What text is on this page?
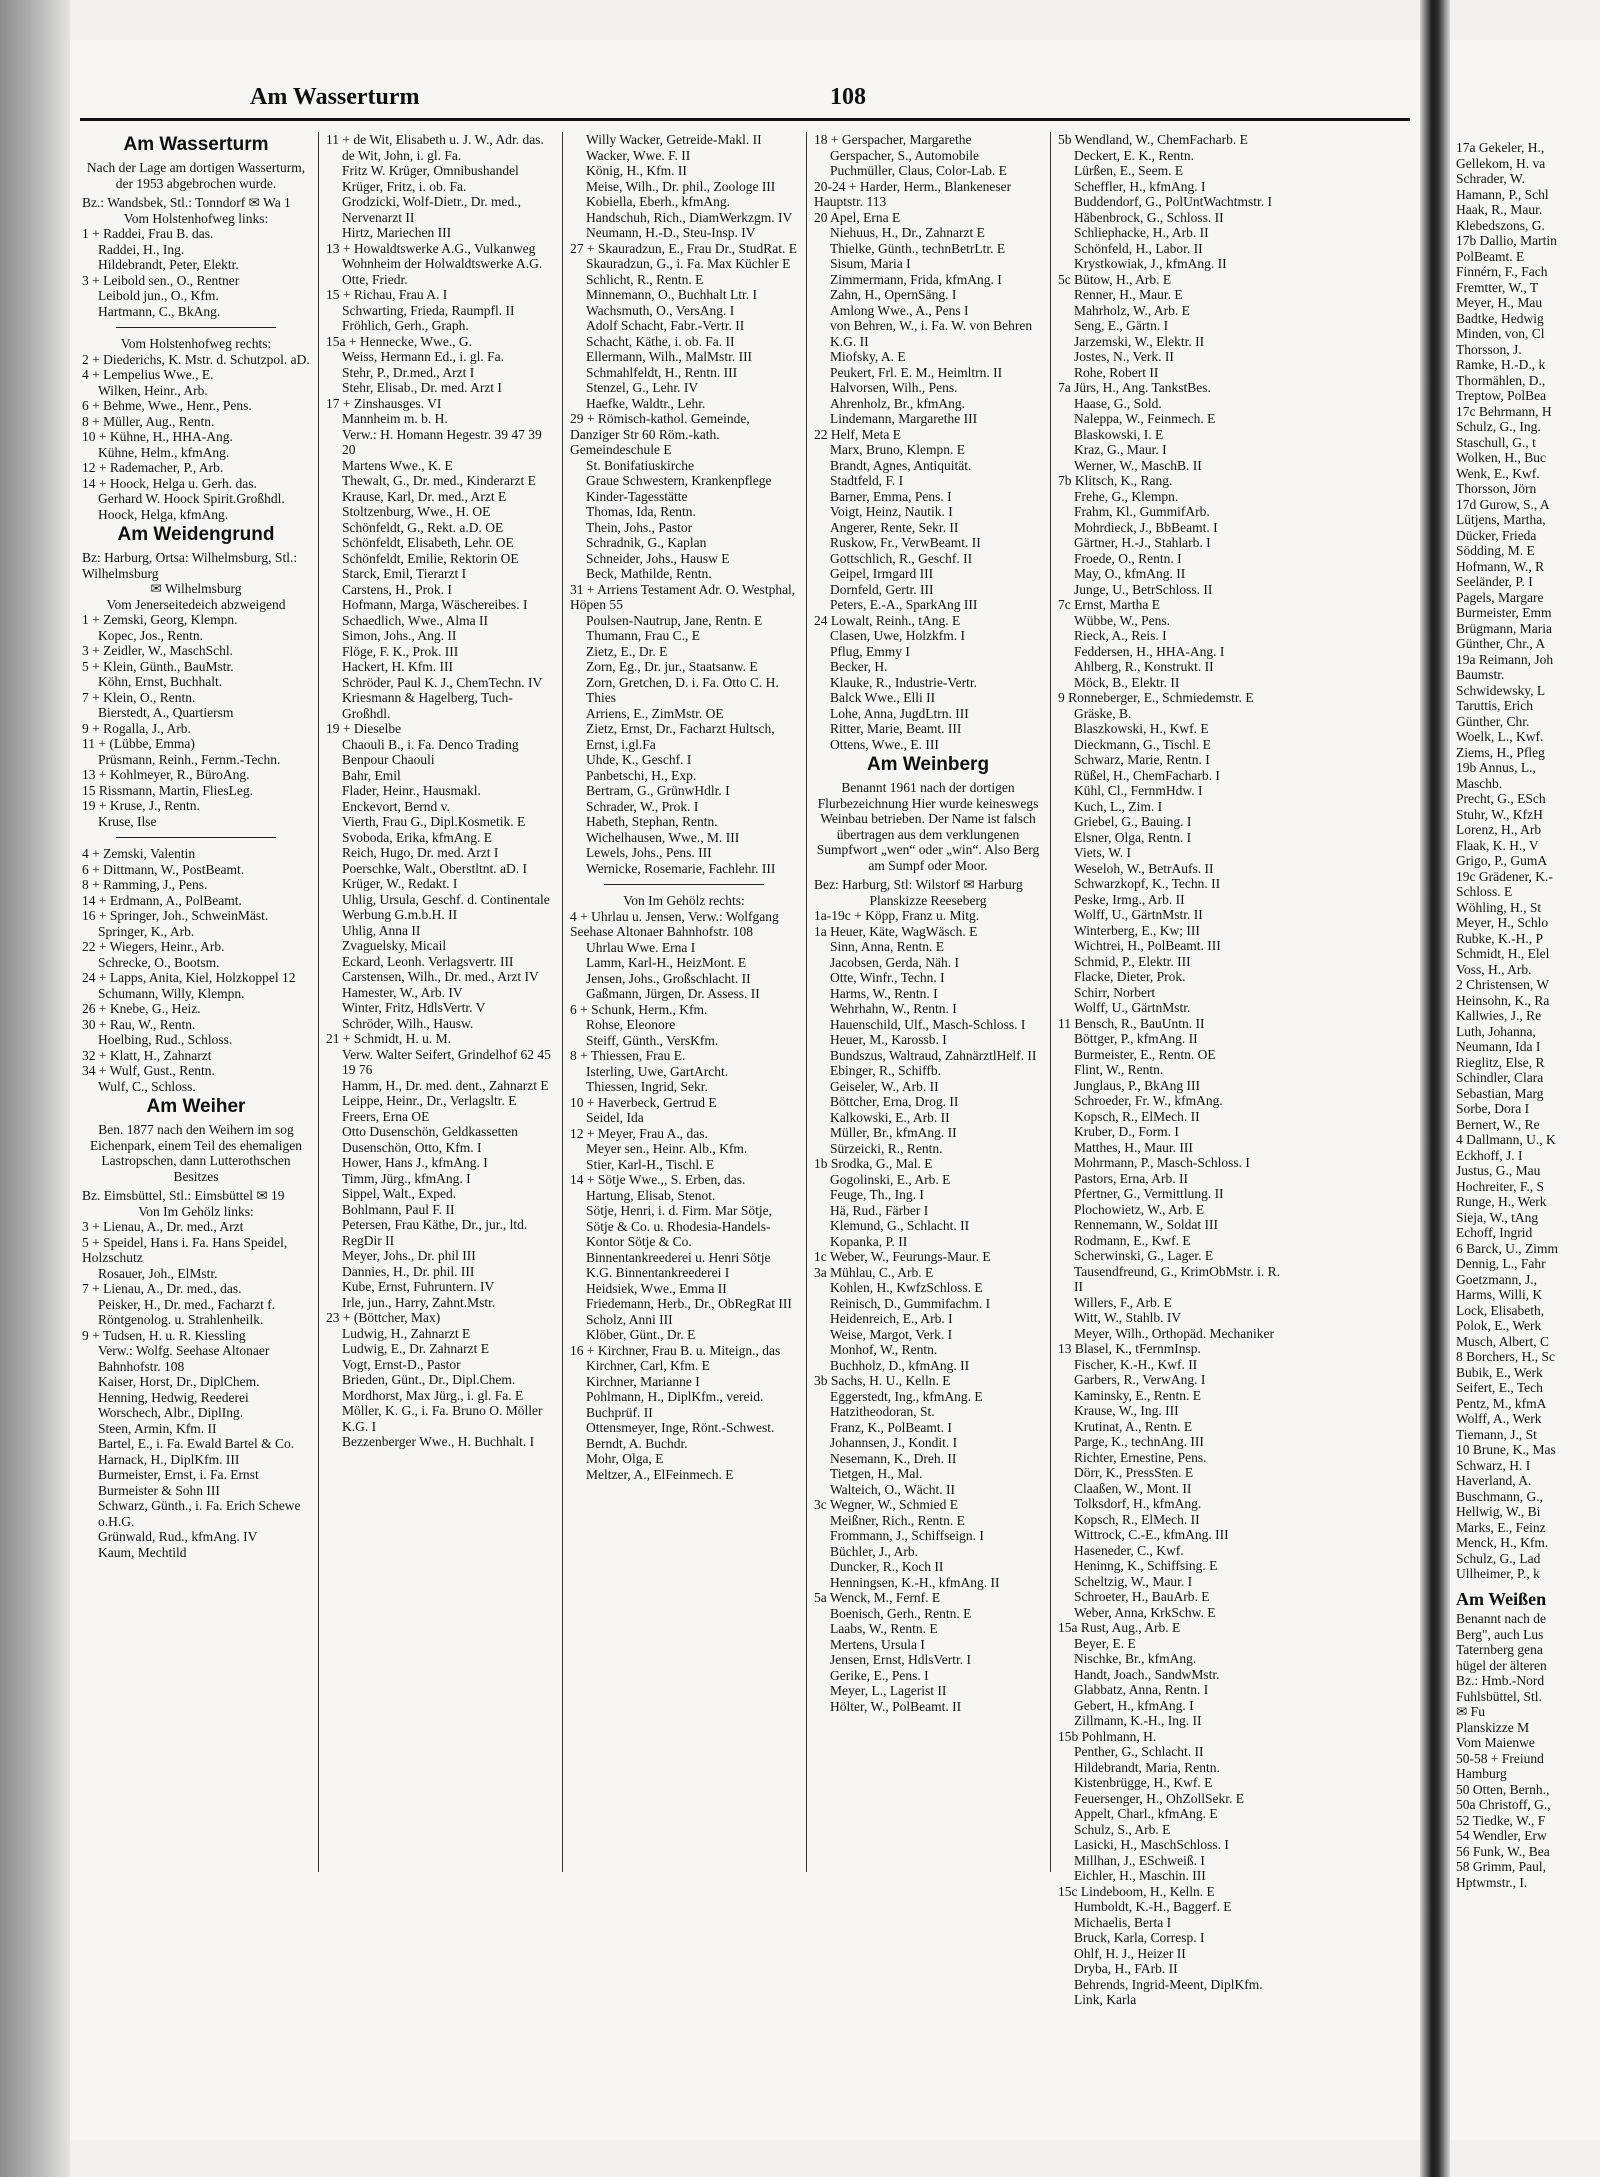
Am Wasserturm	108
Am Wasserturm
Nach der Lage am dortigen Wasserturm, der 1953 abgebrochen wurde.
Bz.: Wandsbek, Stl.: Tonndorf ✉ Wa 1
Vom Holstenhofweg links:
1 + Raddei, Frau B. das.
Raddei, H., Ing.
Hildebrandt, Peter, Elektr.
3 + Leibold sen., O., Rentner
Leibold jun., O., Kfm.
Hartmann, C., BkAng.
Vom Holstenhofweg rechts:
2 + Diederichs, K. Mstr. d. Schutzpol. aD.
4 + Lempelius Wwe., E.
Wilken, Heinr., Arb.
6 + Behme, Wwe., Henr., Pens.
8 + Müller, Aug., Rentn.
10 + Kühne, H., HHA-Ang.
Kühne, Helm., kfmAng.
12 + Rademacher, P., Arb.
14 + Hoock, Helga u. Gerh. das.
Gerhard W. Hoock Spirit.Großhdl.
Hoock, Helga, kfmAng.
Am Weidengrund
Bz: Harburg, Ortsa: Wilhelmsburg, Stl.: Wilhelmsburg
✉ Wilhelmsburg
Vom Jenerseitedeich abzweigend
1 + Zemski, Georg, Klempn.
Kopec, Jos., Rentn.
3 + Zeidler, W., MaschSchl.
5 + Klein, Günth., BauMstr.
Köhn, Ernst, Buchhalt.
7 + Klein, O., Rentn.
Bierstedt, A., Quartiersm
9 + Rogalla, J., Arb.
11 + (Lübbe, Emma)
Prüsmann, Reinh., Fernm.-Techn.
13 + Kohlmeyer, R., BüroAng.
15 Rissmann, Martin, FliesLeg.
19 + Kruse, J., Rentn.
Kruse, Ilse
4 + Zemski, Valentin
6 + Dittmann, W., PostBeamt.
8 + Ramming, J., Pens.
14 + Erdmann, A., PolBeamt.
16 + Springer, Joh., SchweinMäst.
Springer, K., Arb.
22 + Wiegers, Heinr., Arb.
Schrecke, O., Bootsm.
24 + Lapps, Anita, Kiel, Holzkoppel 12
Schumann, Willy, Klempn.
26 + Knebe, G., Heiz.
30 + Rau, W., Rentn.
Hoelbing, Rud., Schloss.
32 + Klatt, H., Zahnarzt
34 + Wulf, Gust., Rentn.
Wulf, C., Schloss.
Am Weiher
Ben. 1877 nach den Weihern im sog Eichenpark, einem Teil des ehemaligen Lastropschen, dann Lutterothschen Besitzes
Bz. Eimsbüttel, Stl.: Eimsbüttel ✉ 19
Von Im Gehölz links:
3 + Lienau, A., Dr. med., Arzt
5 + Speidel, Hans i. Fa. Hans Speidel, Holzschutz
Rosauer, Joh., ElMstr.
7 + Lienau, A., Dr. med., das.
Peisker, H., Dr. med., Facharzt f. Röntgenolog. u. Strahlenheilk.
9 + Tudsen, H. u. R. Kiessling
Verw.: Wolfg. Seehase Altonaer Bahnhofstr. 108
Kaiser, Horst, Dr., DiplChem.
Henning, Hedwig, Reederei
Worschech, Albr., DiplIng.
Steen, Armin, Kfm. II
Bartel, E., i. Fa. Ewald Bartel & Co.
Harnack, H., DiplKfm. III
Burmeister, Ernst, i. Fa. Ernst Burmeister & Sohn III
Schwarz, Günth., i. Fa. Erich Schewe o.H.G.
Grünwald, Rud., kfmAng. IV
Kaum, Mechtild
11 + de Wit, Elisabeth u. J. W., Adr. das.
de Wit, John, i. gl. Fa.
Fritz W. Krüger, Omnibushandel
Krüger, Fritz, i. ob. Fa.
Grodzicki, Wolf-Dietr., Dr. med., Nervenarzt II
Hirtz, Mariechen III
13 + Howaldtswerke A.G., Vulkanweg
Wohnheim der Holwaldtswerke A.G.
Otte, Friedr.
15 + Richau, Frau A. I
Schwarting, Frieda, Raumpfl. II
Fröhlich, Gerh., Graph.
15a + Hennecke, Wwe., G.
Weiss, Hermann Ed., i. gl. Fa.
Stehr, P., Dr.med., Arzt I
Stehr, Elisab., Dr. med. Arzt I
17 + Zinshausges. VI
Mannheim m. b. H.
Verw.: H. Homann Hegestr. 39 47 39 20
Martens Wwe., K. E
Thewalt, G., Dr. med., Kinderarzt E
Krause, Karl, Dr. med., Arzt E
Stoltzenburg, Wwe., H. OE
Schönfeldt, G., Rekt. a.D. OE
Schönfeldt, Elisabeth, Lehr. OE
Schönfeldt, Emilie, Rektorin OE
Starck, Emil, Tierarzt I
Carstens, H., Prok. I
Hofmann, Marga, Wäschereibes. I
Schaedlich, Wwe., Alma II
Simon, Johs., Ang. II
Flöge, F. K., Prok. III
Hackert, H. Kfm. III
Schröder, Paul K. J., ChemTechn. IV
Kriesmann & Hagelberg, Tuch-Großhdl.
19 + Dieselbe
Chaouli B., i. Fa. Denco Trading Benpour Chaouli
Bahr, Emil
Flader, Heinr., Hausmakl.
Enckevort, Bernd v.
Vierth, Frau G., Dipl.Kosmetik. E
Svoboda, Erika, kfmAng. E
Reich, Hugo, Dr. med. Arzt I
Poerschke, Walt., Oberstltnt. aD. I
Krüger, W., Redakt. I
Uhlig, Ursula, Geschf. d. Continentale Werbung G.m.b.H. II
Uhlig, Anna II
Zvaguelsky, Micail
Eckard, Leonh. Verlagsvertr. III
Carstensen, Wilh., Dr. med., Arzt IV
Hamester, W., Arb. IV
Winter, Fritz, HdlsVertr. V
Schröder, Wilh., Hausw.
21 + Schmidt, H. u. M.
Verw. Walter Seifert, Grindelhof 62 45 19 76
Hamm, H., Dr. med. dent., Zahnarzt E
Leippe, Heinr., Dr., Verlagsltr. E
Freers, Erna OE
Otto Dusenschön, Geldkassetten
Dusenschön, Otto, Kfm. I
Hower, Hans J., kfmAng. I
Timm, Jürg., kfmAng. I
Sippel, Walt., Exped.
Bohlmann, Paul F. II
Petersen, Frau Käthe, Dr., jur., ltd. RegDir II
Meyer, Johs., Dr. phil III
Dannies, H., Dr. phil. III
Kube, Ernst, Fuhruntern. IV
Irle, jun., Harry, Zahnt.Mstr.
23 + (Böttcher, Max)
Ludwig, H., Zahnarzt E
Ludwig, E., Dr. Zahnarzt E
Vogt, Ernst-D., Pastor
Brieden, Günt., Dr., Dipl.Chem.
Mordhorst, Max Jürg., i. gl. Fa. E
Möller, K. G., i. Fa. Bruno O. Möller K.G. I
Bezzenberger Wwe., H. Buchhalt. I
Willy Wacker, Getreide-Makl. II
Wacker, Wwe. F. II
König, H., Kfm. II
Meise, Wilh., Dr. phil., Zoologe III
Kobiella, Eberh., kfmAng.
Handschuh, Rich., DiamWerkzgm. IV
Neumann, H.-D., Steu-Insp. IV
27 + Skauradzun, E., Frau Dr., StudRat. E
Skauradzun, G., i. Fa. Max Küchler E
Schlicht, R., Rentn. E
Minnemann, O., Buchhalt Ltr. I
Wachsmuth, O., VersAng. I
Adolf Schacht, Fabr.-Vertr. II
Schacht, Käthe, i. ob. Fa. II
Ellermann, Wilh., MalMstr. III
Schmahlfeldt, H., Rentn. III
Stenzel, G., Lehr. IV
Haefke, Waldtr., Lehr.
29 + Römisch-kathol. Gemeinde, Danziger Str 60 Röm.-kath. Gemeindeschule E
St. Bonifatiuskirche
Graue Schwestern, Krankenpflege
Kinder-Tagesstätte
Thomas, Ida, Rentn.
Thein, Johs., Pastor
Schradnik, G., Kaplan
Schneider, Johs., Hausw E
Beck, Mathilde, Rentn.
31 + Arriens Testament Adr. O. Westphal, Höpen 55
Poulsen-Nautrup, Jane, Rentn. E
Thumann, Frau C., E
Zietz, E., Dr. E
Zorn, Eg., Dr. jur., Staatsanw. E
Zorn, Gretchen, D. i. Fa. Otto C. H. Thies
Arriens, E., ZimMstr. OE
Zietz, Ernst, Dr., Facharzt Hultsch, Ernst, i.gl.Fa
Uhde, K., Geschf. I
Panbetschi, H., Exp.
Bertram, G., GrünwHdlr. I
Schrader, W., Prok. I
Habeth, Stephan, Rentn.
Wichelhausen, Wwe., M. III
Lewels, Johs., Pens. III
Wernicke, Rosemarie, Fachlehr. III
Von Im Gehölz rechts:
4 + Uhrlau u. Jensen, Verw.: Wolfgang Seehase Altonaer Bahnhofstr. 108
Uhrlau Wwe. Erna I
Lamm, Karl-H., HeizMont. E
Jensen, Johs., Großschlacht. II
Gaßmann, Jürgen, Dr. Assess. II
6 + Schunk, Herm., Kfm.
Rohse, Eleonore
Steiff, Günth., VersKfm.
8 + Thiessen, Frau E.
Isterling, Uwe, GartArcht.
Thiessen, Ingrid, Sekr.
10 + Haverbeck, Gertrud E
Seidel, Ida
12 + Meyer, Frau A., das.
Meyer sen., Heinr. Alb., Kfm.
Stier, Karl-H., Tischl. E
14 + Sötje Wwe.,, S. Erben, das.
Hartung, Elisab, Stenot.
Sötje, Henri, i. d. Firm. Mar Sötje, Sötje & Co. u. Rhodesia-Handels-Kontor Sötje & Co.
Binnentankreederei u. Henri Sötje K.G. Binnentankreederei I
Heidsiek, Wwe., Emma II
Friedemann, Herb., Dr., ObRegRat III
Scholz, Anni III
Klöber, Günt., Dr. E
16 + Kirchner, Frau B. u. Miteign., das
Kirchner, Carl, Kfm. E
Kirchner, Marianne I
Pohlmann, H., DiplKfm., vereid. Buchprüf. II
Ottensmeyer, Inge, Rönt.-Schwest.
Berndt, A. Buchdr.
Mohr, Olga, E
Meltzer, A., ElFeinmech. E
18 + Gerspacher, Margarethe
Gerspacher, S., Automobile
Puchmüller, Claus, Color-Lab. E
20-24 + Harder, Herm., Blankeneser Hauptstr. 113
20 Apel, Erna E
Niehuus, H., Dr., Zahnarzt E
Thielke, Günth., technBetrLtr. E
Sisum, Maria I
Zimmermann, Frida, kfmAng. I
Zahn, H., OpernSäng. I
Amlong Wwe., A., Pens I
von Behren, W., i. Fa. W. von Behren K.G. II
Miofsky, A. E
Peukert, Frl. E. M., Heimltrn. II
Halvorsen, Wilh., Pens.
Ahrenholz, Br., kfmAng.
Lindemann, Margarethe III
22 Helf, Meta E
Marx, Bruno, Klempn. E
Brandt, Agnes, Antiquität.
Stadtfeld, F. I
Barner, Emma, Pens. I
Voigt, Heinz, Nautik. I
Angerer, Rente, Sekr. II
Ruskow, Fr., VerwBeamt. II
Gottschlich, R., Geschf. II
Geipel, Irmgard III
Dornfeld, Gertr. III
Peters, E.-A., SparkAng III
24 Lowalt, Reinh., tAng. E
Clasen, Uwe, Holzkfm. I
Pflug, Emmy I
Becker, H.
Klauke, R., Industrie-Vertr.
Balck Wwe., Elli II
Lohe, Anna, JugdLtrn. III
Ritter, Marie, Beamt. III
Ottens, Wwe., E. III
Am Weinberg
Benannt 1961 nach der dortigen Flurbezeichnung Hier wurde keineswegs Weinbau betrieben. Der Name ist falsch übertragen aus dem verklungenen Sumpfwort „wen“ oder „win“. Also Berg am Sumpf oder Moor.
Bez: Harburg, Stl: Wilstorf ✉ Harburg
Planskizze Reeseberg
1a-19c + Köpp, Franz u. Mitg.
1a Heuer, Käte, WagWäsch. E
Sinn, Anna, Rentn. E
Jacobsen, Gerda, Näh. I
Otte, Winfr., Techn. I
Harms, W., Rentn. I
Wehrhahn, W., Rentn. I
Hauenschild, Ulf., Masch-Schloss. I
Heuer, M., Karossb. I
Bundszus, Waltraud, ZahnärztlHelf. II
Ebinger, R., Schiffb.
Geiseler, W., Arb. II
Böttcher, Erna, Drog. II
Kalkowski, E., Arb. II
Müller, Br., kfmAng. II
Sürzeicki, R., Rentn.
1b Srodka, G., Mal. E
Gogolinski, E., Arb. E
Feuge, Th., Ing. I
Hä, Rud., Färber I
Klemund, G., Schlacht. II
Kopanka, P. II
1c Weber, W., Feurungs-Maur. E
3a Mühlau, C., Arb. E
Kohlen, H., KwfzSchloss. E
Reinisch, D., Gummifachm. I
Heidenreich, E., Arb. I
Weise, Margot, Verk. I
Monhof, W., Rentn.
Buchholz, D., kfmAng. II
3b Sachs, H. U., Kelln. E
Eggerstedt, Ing., kfmAng. E
Hatzitheodoran, St.
Franz, K., PolBeamt. I
Johannsen, J., Kondit. I
Nesemann, K., Dreh. II
Tietgen, H., Mal.
Walteich, O., Wächt. II
3c Wegner, W., Schmied E
Meißner, Rich., Rentn. E
Frommann, J., Schiffseign. I
Büchler, J., Arb.
Duncker, R., Koch II
Henningsen, K.-H., kfmAng. II
5a Wenck, M., Fernf. E
Boenisch, Gerh., Rentn. E
Laabs, W., Rentn. E
Mertens, Ursula I
Jensen, Ernst, HdlsVertr. I
Gerike, E., Pens. I
Meyer, L., Lagerist II
Hölter, W., PolBeamt. II
5b Wendland, W., ChemFacharb. E
Deckert, E. K., Rentn.
Lürßen, E., Seem. E
Scheffler, H., kfmAng. I
Buddendorf, G., PolUntWachtmstr. I
Häbenbrock, G., Schloss. II
Schliephacke, H., Arb. II
Schönfeld, H., Labor. II
Krystkowiak, J., kfmAng. II
5c Bütow, H., Arb. E
Renner, H., Maur. E
Mahrholz, W., Arb. E
Seng, E., Gärtn. I
Jarzemski, W., Elektr. II
Jostes, N., Verk. II
Rohe, Robert II
7a Jürs, H., Ang. TankstBes.
Haase, G., Sold.
Naleppa, W., Feinmech. E
Blaskowski, I. E
Kraz, G., Maur. I
Werner, W., MaschB. II
7b Klitsch, K., Rang.
Frehe, G., Klempn.
Frahm, Kl., GummifArb.
Mohrdieck, J., BbBeamt. I
Gärtner, H.-J., Stahlarb. I
Froede, O., Rentn. I
May, O., kfmAng. II
Junge, U., BetrSchloss. II
7c Ernst, Martha E
Wübbe, W., Pens.
Rieck, A., Reis. I
Feddersen, H., HHA-Ang. I
Ahlberg, R., Konstrukt. II
Möck, B., Elektr. II
9 Ronneberger, E., Schmiedemstr. E
Gräske, B.
Blaszkowski, H., Kwf. E
Dieckmann, G., Tischl. E
Schwarz, Marie, Rentn. I
Rüßel, H., ChemFacharb. I
Kühl, Cl., FernmHdw. I
Kuch, L., Zim. I
Griebel, G., Bauing. I
Elsner, Olga, Rentn. I
Viets, W. I
Weseloh, W., BetrAufs. II
Schwarzkopf, K., Techn. II
Peske, Irmg., Arb. II
Wolff, U., GärtnMstr. II
Winterberg, E., Kw; III
Wichtrei, H., PolBeamt. III
Schmid, P., Elektr. III
Flacke, Dieter, Prok.
Schirr, Norbert
Wolff, U., GärtnMstr.
11 Bensch, R., BauUntn. II
Böttger, P., kfmAng. II
Burmeister, E., Rentn. OE
Flint, W., Rentn.
Junglaus, P., BkAng III
Schroeder, Fr. W., kfmAng.
Kopsch, R., ElMech. II
Kruber, D., Form. I
Matthes, H., Maur. III
Mohrmann, P., Masch-Schloss. I
Pastors, Erna, Arb. II
Pfertner, G., Vermittlung. II
Plochowietz, W., Arb. E
Rennemann, W., Soldat III
Rodmann, E., Kwf. E
Scherwinski, G., Lager. E
Tausendfreund, G., KrimObMstr. i. R. II
Willers, F., Arb. E
Witt, W., Stahlb. IV
Meyer, Wilh., Orthopäd. Mechaniker
13 Blasel, K., tFernmInsp.
Fischer, K.-H., Kwf. II
Garbers, R., VerwAng. I
Kaminsky, E., Rentn. E
Krause, W., Ing. III
Krutinat, A., Rentn. E
Parge, K., technAng. III
Richter, Ernestine, Pens.
Dörr, K., PressSten. E
Claaßen, W., Mont. II
Tolksdorf, H., kfmAng.
Kopsch, R., ElMech. II
Wittrock, C.-E., kfmAng. III
Haseneder, C., Kwf.
Heninng, K., Schiffsing. E
Scheltzig, W., Maur. I
Schroeter, H., BauArb. E
Weber, Anna, KrkSchw. E
15a Rust, Aug., Arb. E
Beyer, E. E
Nischke, Br., kfmAng.
Handt, Joach., SandwMstr.
Glabbatz, Anna, Rentn. I
Gebert, H., kfmAng. I
Zillmann, K.-H., Ing. II
15b Pohlmann, H.
Penther, G., Schlacht. II
Hildebrandt, Maria, Rentn.
Kistenbrügge, H., Kwf. E
Feuersenger, H., OhZollSekr. E
Appelt, Charl., kfmAng. E
Schulz, S., Arb. E
Lasicki, H., MaschSchloss. I
Millhan, J., ESchweiß. I
Eichler, H., Maschin. III
15c Lindeboom, H., Kelln. E
Humboldt, K.-H., Baggerf. E
Michaelis, Berta I
Bruck, Karla, Corresp. I
Ohlf, H. J., Heizer II
Dryba, H., FArb. II
Behrends, Ingrid-Meent, DiplKfm.
Link, Karla
17a Gekeler, H.,
Gellekom, H. va
Schrader, W.
Hamann, P., Schl
Haak, R., Maur.
Klebedszons, G.
17b Dallio, Martin
PolBeamt. E
Finnérn, F., Fach
Fremtter, W., T
Meyer, H., Mau
Badtke, Hedwig
Minden, von, Cl
Thorsson, J.
Ramke, H.-D., k
Thormählen, D.,
Treptow, PolBea
17c Behrmann, H
Schulz, G., Ing.
Staschull, G., t
Wolken, H., Buc
Wenk, E., Kwf.
Thorsson, Jörn
17d Gurow, S., A
Lütjens, Martha,
Dücker, Frieda
Södding, M. E
Hofmann, W., R
Seeländer, P. I
Pagels, Margare
Burmeister, Emm
Brügmann, Maria
Günther, Chr., A
19a Reimann, Joh
Baumstr.
Schwidewsky, L
Taruttis, Erich
Günther, Chr.
Woelk, L., Kwf.
Ziems, H., Pfleg
19b Annus, L.,
Maschb.
Precht, G., ESch
Stuhr, W., KfzH
Lorenz, H., Arb
Flaak, K. H., V
Grigo, P., GumA
19c Grädener, K.-
Schloss. E
Wöhling, H., St
Meyer, H., Schlo
Rubke, K.-H., P
Schmidt, H., Elel
Voss, H., Arb.
2 Christensen, W
Heinsohn, K., Ra
Kallwies, J., Re
Luth, Johanna,
Neumann, Ida I
Rieglitz, Else, R
Schindler, Clara
Sebastian, Marg
Sorbe, Dora I
Bernert, W., Re
4 Dallmann, U., K
Eckhoff, J. I
Justus, G., Mau
Hochreiter, F., S
Runge, H., Werk
Sieja, W., tAng
Echoff, Ingrid
6 Barck, U., Zimm
Dennig, L., Fahr
Goetzmann, J.,
Harms, Willi, K
Lock, Elisabeth,
Polok, E., Werk
Musch, Albert, C
8 Borchers, H., Sc
Bubik, E., Werk
Seifert, E., Tech
Pentz, M., kfmA
Wolff, A., Werk
Tiemann, J., St
10 Brune, K., Mas
Schwarz, H. I
Haverland, A.
Buschmann, G.,
Hellwig, W., Bi
Marks, E., Feinz
Menck, H., Kfm.
Schulz, G., Lad
Ullheimer, P., k
Am Weißen
Benannt nach de
Berg", auch Lus
Taternberg gena
hügel der älteren
Bz.: Hmb.-Nord
Fuhlsbüttel, Stl.
✉ Fu
Planskizze M
Vom Maienwe
50-58 + Freiund
Hamburg
50 Otten, Bernh.,
50a Christoff, G.,
52 Tiedke, W., F
54 Wendler, Erw
56 Funk, W., Bea
58 Grimm, Paul,
Hptwmstr., I.
